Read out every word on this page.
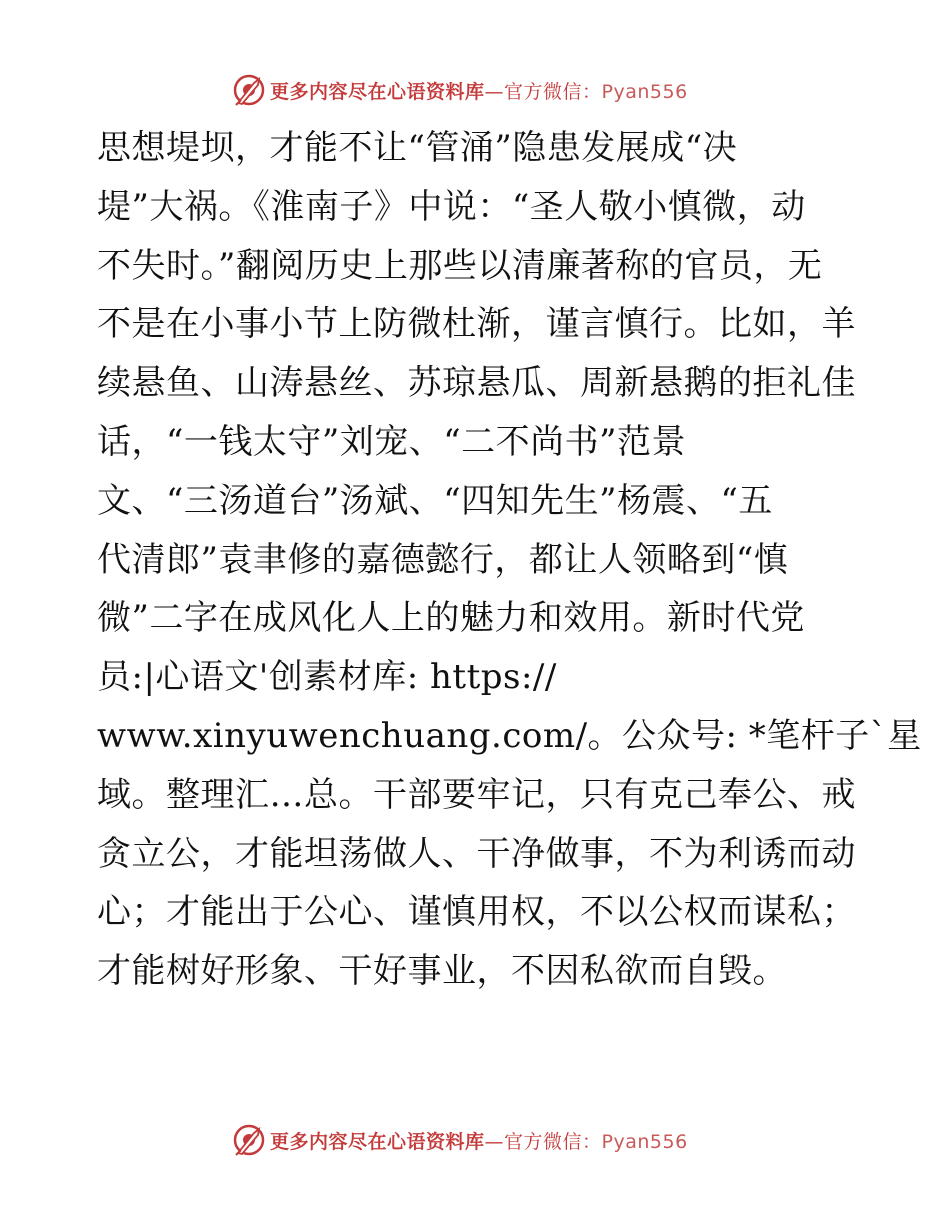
更多内容尽在心语资料库—官方微信：Pyan556
思想堤坝，才能不让“管涌”隐患发展成“决
堤”大祸。《淮南子》中说：“圣人敬小慎微，动
不失时。”翻阅历史上那些以清廉著称的官员，无
不是在小事小节上防微杜渐，谨言慎行。比如，羊
续悬鱼、山涛悬丝、苏琼悬瓜、周新悬鹅的拒礼佳
话，“一钱太守”刘宠、“二不尚书”范景
文、“三汤道台”汤斌、“四知先生”杨震、“五
代清郎”袁聿修的嘉德懿行，都让人领略到“慎
微”二字在成风化人上的魅力和效用。新时代党
员:|心语文'创素材库: https://
www.xinyuwenchuang.com/。公众号: *笔杆子`星
域。整理汇…总。干部要牢记，只有克己奉公、戒
贪立公，才能坦荡做人、干净做事，不为利诱而动
心；才能出于公心、谨慎用权，不以公权而谋私；
才能树好形象、干好事业，不因私欲而自毁。
更多内容尽在心语资料库—官方微信：Pyan556
